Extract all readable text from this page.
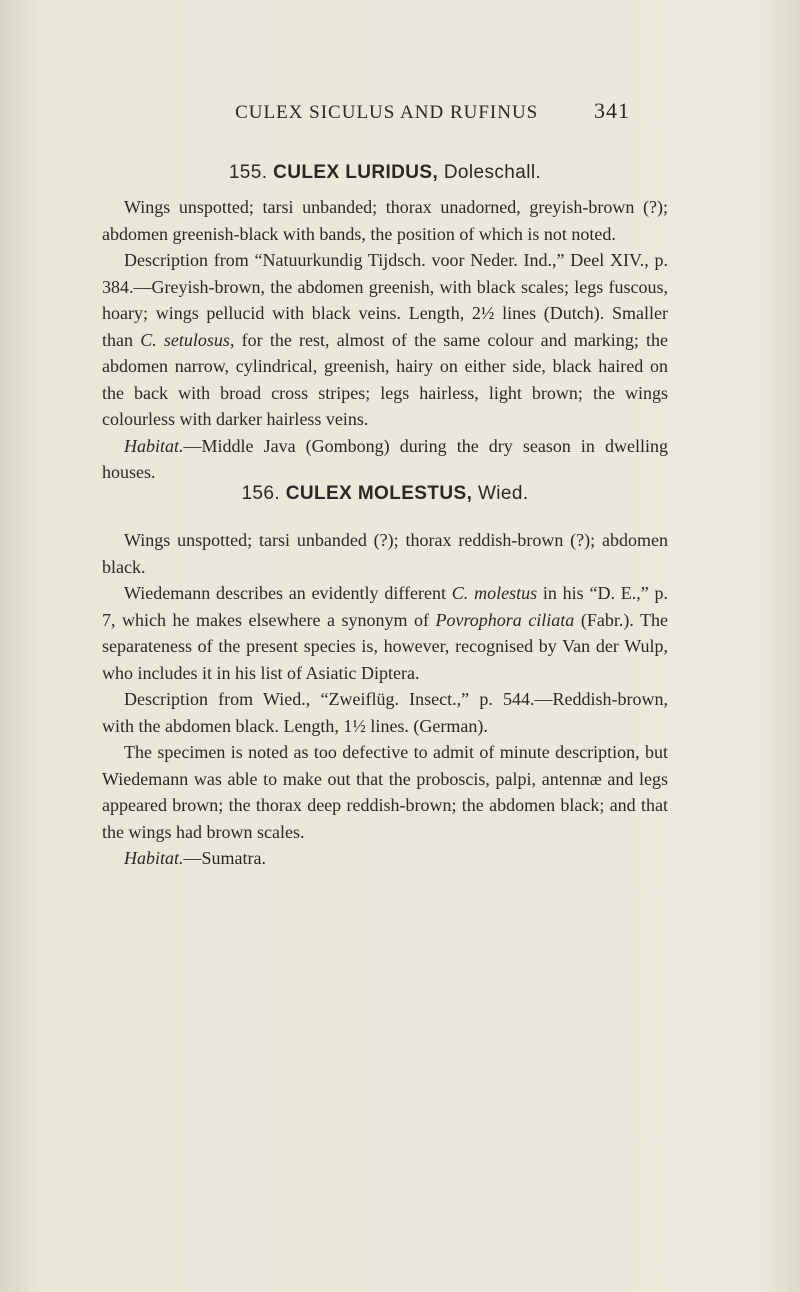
CULEX SICULUS AND RUFINUS	341
155. CULEX LURIDUS, Doleschall.

Wings unspotted; tarsi unbanded; thorax unadorned, greyish-brown (?); abdomen greenish-black with bands, the position of which is not noted.

Description from “Natuurkundig Tijdsch. voor Neder. Ind.,” Deel XIV., p. 384.—Greyish-brown, the abdomen greenish, with black scales; legs fuscous, hoary; wings pellucid with black veins. Length, 2½ lines (Dutch). Smaller than C. setulosus, for the rest, almost of the same colour and marking; the abdomen narrow, cylindrical, greenish, hairy on either side, black haired on the back with broad cross stripes; legs hairless, light brown; the wings colourless with darker hairless veins.

Habitat.—Middle Java (Gombong) during the dry season in dwelling houses.

156. CULEX MOLESTUS, Wied.

Wings unspotted; tarsi unbanded (?); thorax reddish-brown (?); abdomen black.

Wiedemann describes an evidently different C. molestus in his “D. E.,” p. 7, which he makes elsewhere a synonym of Povrophora ciliata (Fabr.). The separateness of the present species is, however, recognised by Van der Wulp, who includes it in his list of Asiatic Diptera.

Description from Wied., “Zweiflüg. Insect.,” p. 544.—Reddish-brown, with the abdomen black. Length, 1½ lines. (German).

The specimen is noted as too defective to admit of minute description, but Wiedemann was able to make out that the proboscis, palpi, antennæ and legs appeared brown; the thorax deep reddish-brown; the abdomen black; and that the wings had brown scales.

Habitat.—Sumatra.
